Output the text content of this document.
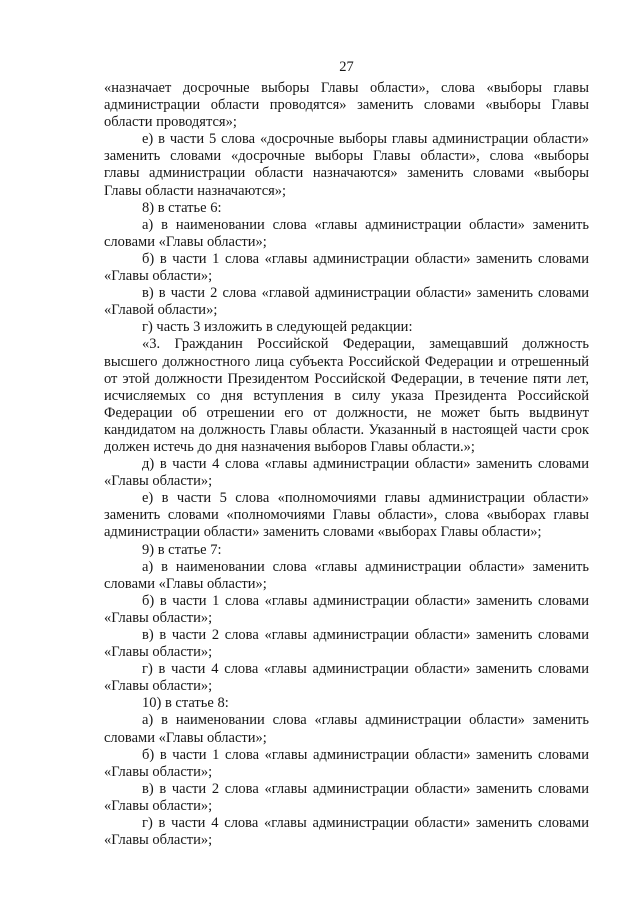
27
«назначает досрочные выборы Главы области», слова «выборы главы
администрации области проводятся» заменить словами «выборы Главы
области проводятся»;
е) в части 5 слова «досрочные выборы главы администрации области»
заменить словами «досрочные выборы Главы области», слова «выборы
главы администрации области назначаются» заменить словами «выборы
Главы области назначаются»;
8) в статье 6:
а) в наименовании слова «главы администрации области» заменить
словами «Главы области»;
б) в части 1 слова «главы администрации области» заменить словами
«Главы области»;
в) в части 2 слова «главой администрации области» заменить словами
«Главой области»;
г) часть 3 изложить в следующей редакции:
«3. Гражданин Российской Федерации, замещавший должность
высшего должностного лица субъекта Российской Федерации и отрешенный
от этой должности Президентом Российской Федерации, в течение пяти лет,
исчисляемых со дня вступления в силу указа Президента Российской
Федерации об отрешении его от должности, не может быть выдвинут
кандидатом на должность Главы области. Указанный в настоящей части срок
должен истечь до дня назначения выборов Главы области.»;
д) в части 4 слова «главы администрации области» заменить словами
«Главы области»;
е) в части 5 слова «полномочиями главы администрации области»
заменить словами «полномочиями Главы области», слова «выборах главы
администрации области» заменить словами «выборах Главы области»;
9) в статье 7:
а) в наименовании слова «главы администрации области» заменить
словами «Главы области»;
б) в части 1 слова «главы администрации области» заменить словами
«Главы области»;
в) в части 2 слова «главы администрации области» заменить словами
«Главы области»;
г) в части 4 слова «главы администрации области» заменить словами
«Главы области»;
10) в статье 8:
а) в наименовании слова «главы администрации области» заменить
словами «Главы области»;
б) в части 1 слова «главы администрации области» заменить словами
«Главы области»;
в) в части 2 слова «главы администрации области» заменить словами
«Главы области»;
г) в части 4 слова «главы администрации области» заменить словами
«Главы области»;
